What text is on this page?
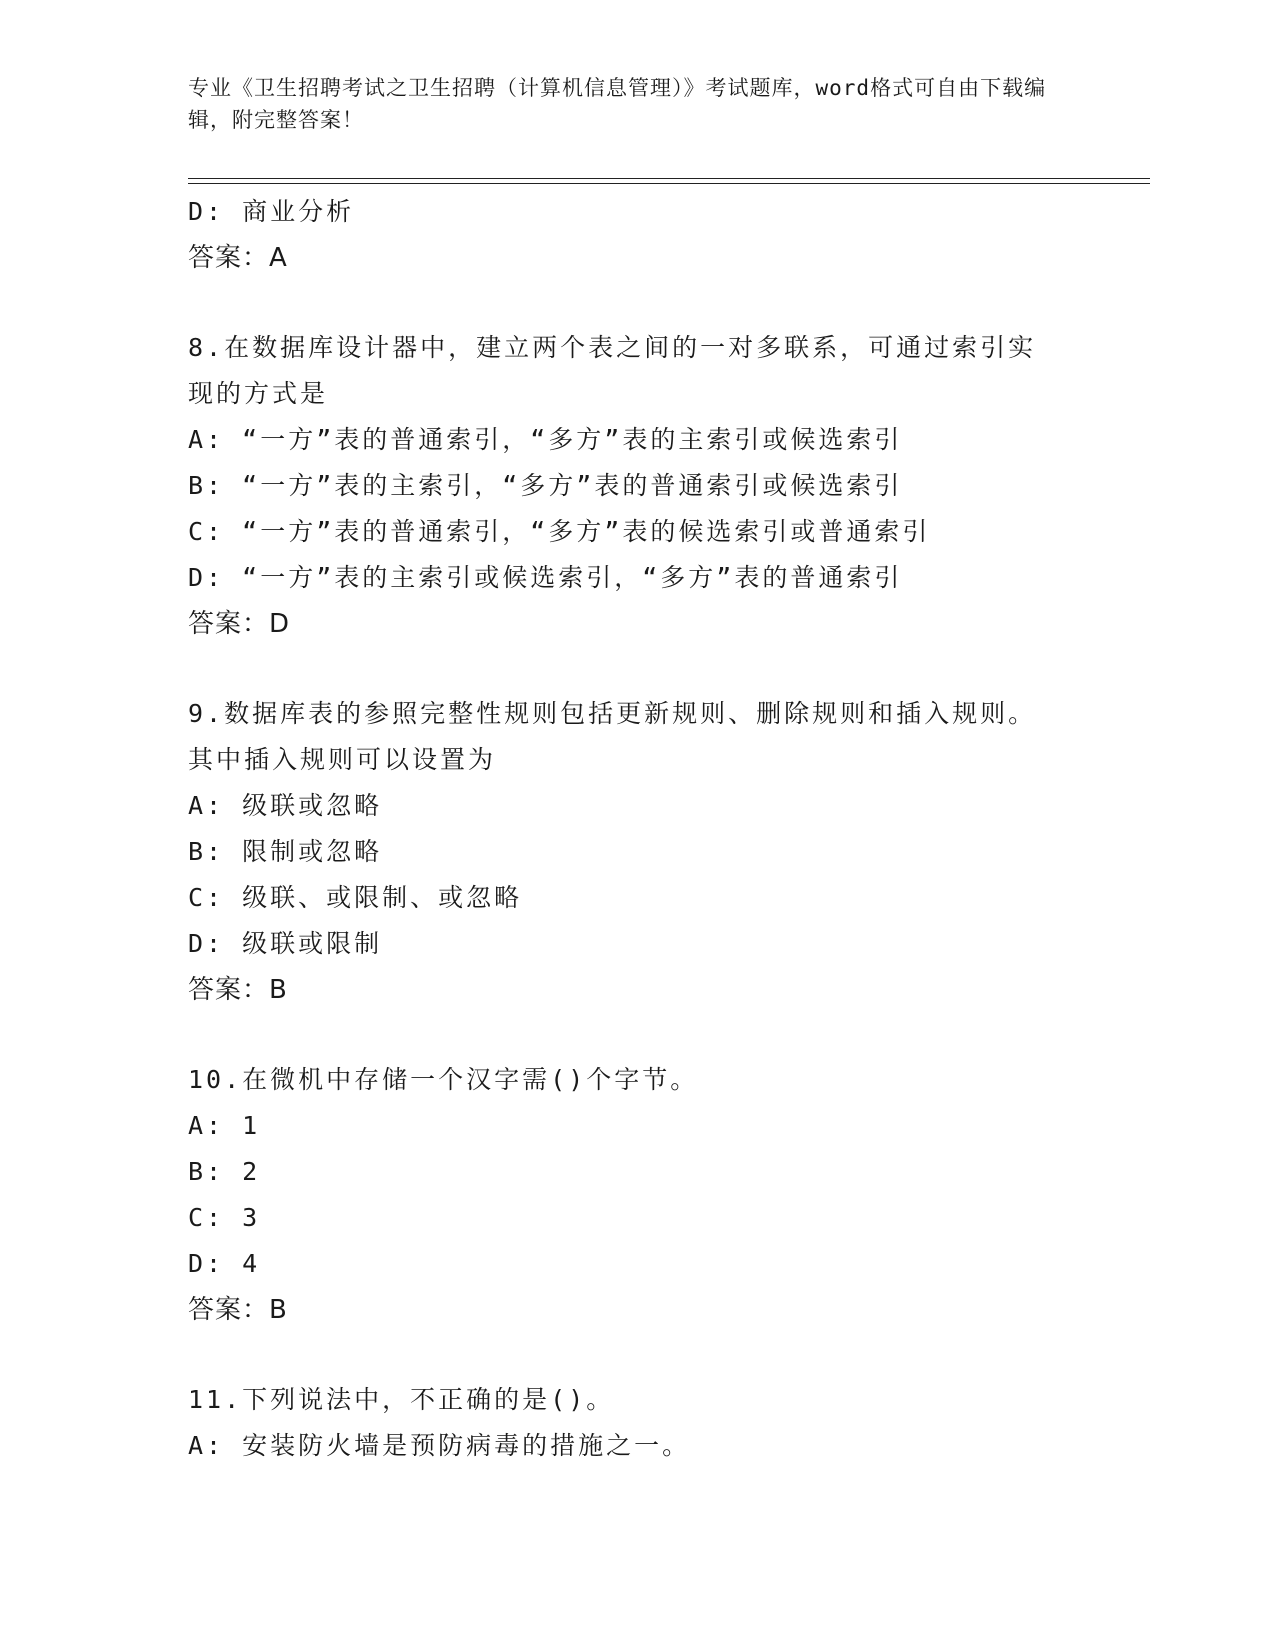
专业《卫生招聘考试之卫生招聘（计算机信息管理）》考试题库，word格式可自由下载编辑，附完整答案！
D: 商业分析
答案：A
8.在数据库设计器中，建立两个表之间的一对多联系，可通过索引实
现的方式是
A: “一方”表的普通索引，“多方”表的主索引或候选索引
B: “一方”表的主索引，“多方”表的普通索引或候选索引
C: “一方”表的普通索引，“多方”表的候选索引或普通索引
D: “一方”表的主索引或候选索引，“多方”表的普通索引
答案：D
9.数据库表的参照完整性规则包括更新规则、删除规则和插入规则。
其中插入规则可以设置为
A: 级联或忽略
B: 限制或忽略
C: 级联、或限制、或忽略
D: 级联或限制
答案：B
10.在微机中存储一个汉字需()个字节。
A: 1
B: 2
C: 3
D: 4
答案：B
11.下列说法中，不正确的是()。
A: 安装防火墙是预防病毒的措施之一。
